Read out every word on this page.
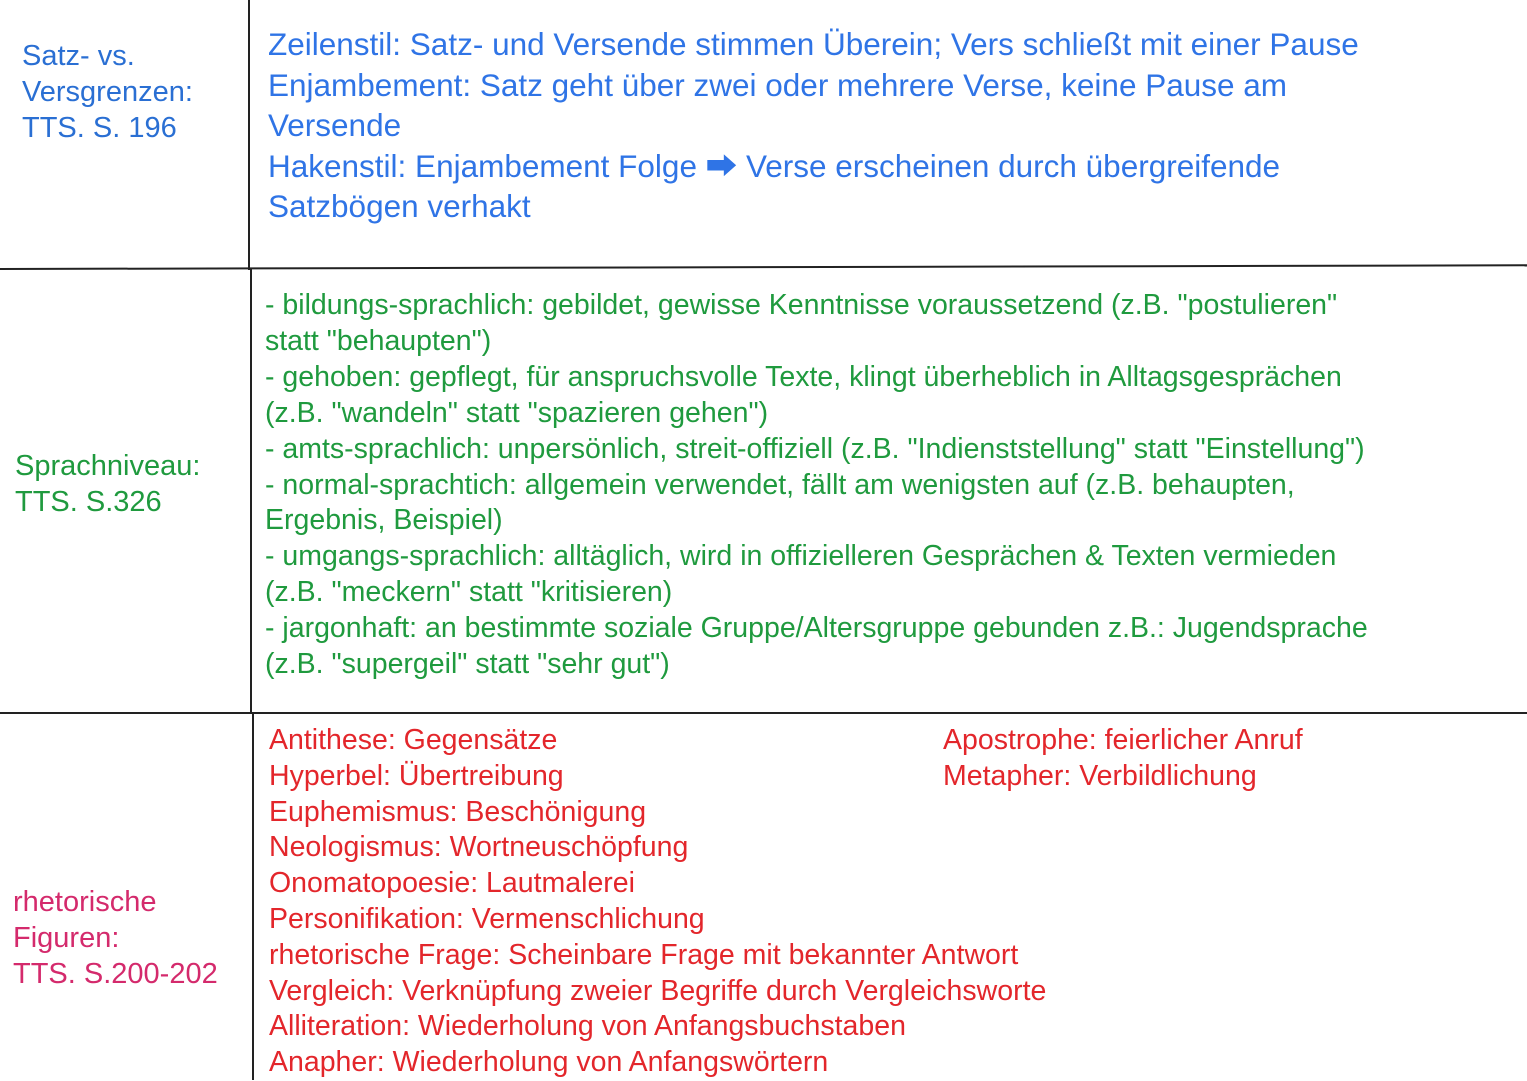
Satz- vs.
Versgrenzen:
TTS. S. 196
Zeilenstil: Satz- und Versende stimmen Überein; Vers schließt mit einer Pause
Enjambement: Satz geht über zwei oder mehrere Verse, keine Pause am
Versende
Hakenstil: Enjambement Folge ⮕ Verse erscheinen durch übergreifende
Satzbögen verhakt
Sprachniveau:
TTS. S.326
- bildungs-sprachlich: gebildet, gewisse Kenntnisse voraussetzend (z.B. "postulieren"
statt "behaupten")
- gehoben: gepflegt, für anspruchsvolle Texte, klingt überheblich in Alltagsgesprächen
(z.B. "wandeln" statt "spazieren gehen")
- amts-sprachlich: unpersönlich, streit-offiziell (z.B. "Indienststellung" statt "Einstellung")
- normal-sprachtich: allgemein verwendet, fällt am wenigsten auf (z.B. behaupten,
Ergebnis, Beispiel)
- umgangs-sprachlich: alltäglich, wird in offizielleren Gesprächen & Texten vermieden
(z.B. "meckern" statt "kritisieren)
- jargonhaft: an bestimmte soziale Gruppe/Altersgruppe gebunden z.B.: Jugendsprache
(z.B. "supergeil" statt "sehr gut")
rhetorische
Figuren:
TTS. S.200-202
Antithese: Gegensätze
Hyperbel: Übertreibung
Euphemismus: Beschönigung
Neologismus: Wortneuschöpfung
Onomatopoesie: Lautmalerei
Personifikation: Vermenschlichung
rhetorische Frage: Scheinbare Frage mit bekannter Antwort
Vergleich: Verknüpfung zweier Begriffe durch Vergleichsworte
Alliteration: Wiederholung von Anfangsbuchstaben
Anapher: Wiederholung von Anfangswörtern
Apostrophe: feierlicher Anruf
Metapher: Verbildlichung
